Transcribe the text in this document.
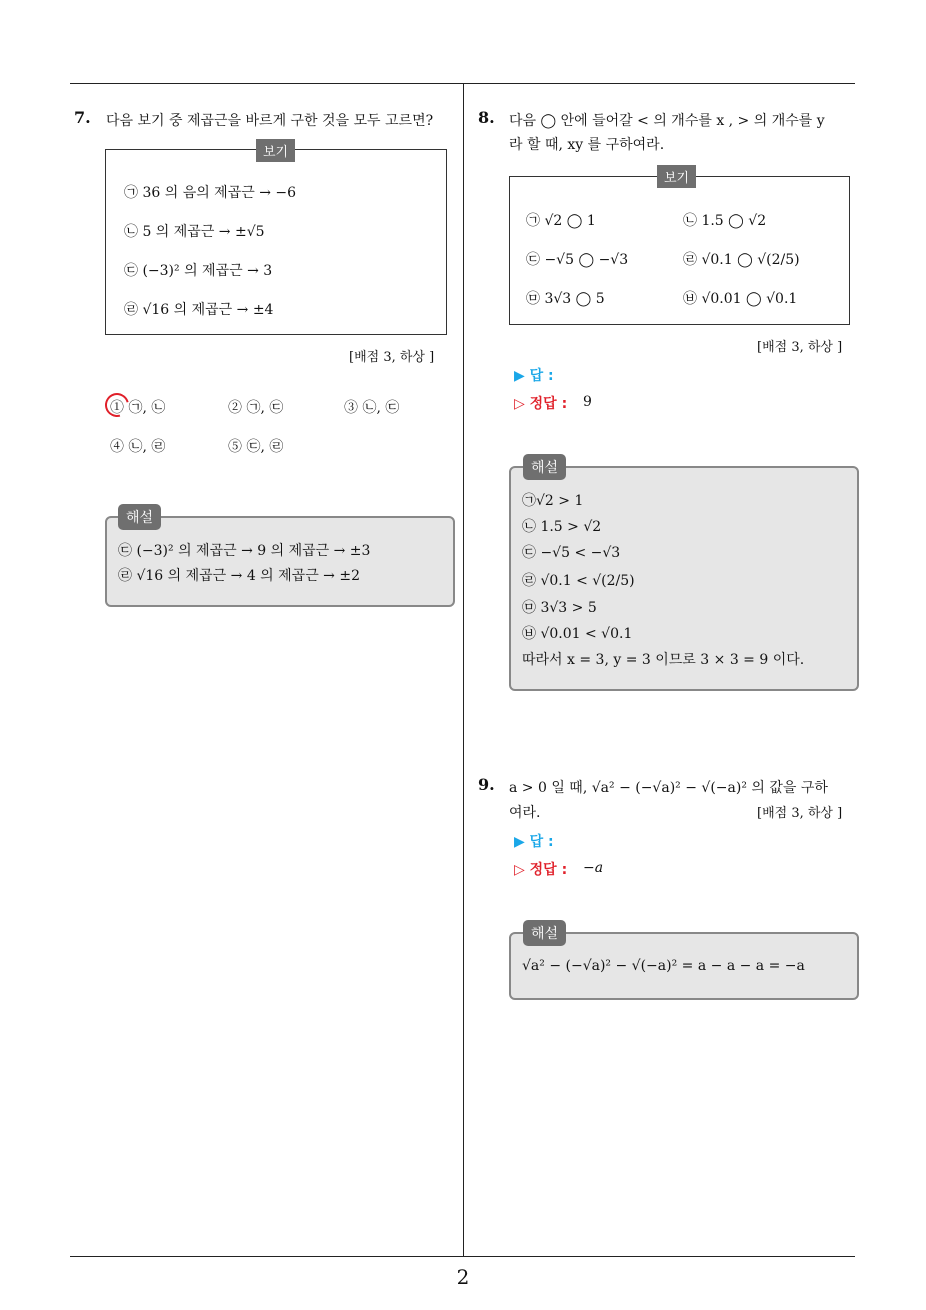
7. 다음 보기 중 제곱근을 바르게 구한 것을 모두 고르면?
보기
㉠ 36 의 음의 제곱근 → −6
㉡ 5 의 제곱근 → ±√5
㉢ (−3)² 의 제곱근 → 3
㉣ √16 의 제곱근 → ±4
[배점 3, 하상 ]
① ㉠, ㉡	② ㉠, ㉢	③ ㉡, ㉢
④ ㉡, ㉣	⑤ ㉢, ㉣
해설
㉢ (−3)² 의 제곱근 → 9 의 제곱근 → ±3
㉣ √16 의 제곱근 → 4 의 제곱근 → ±2
8. 다음 ◯ 안에 들어갈 < 의 개수를 x , > 의 개수를 y
라 할 때, xy 를 구하여라.
보기
㉠ √2 ◯ 1	㉡ 1.5 ◯ √2
㉢ −√5 ◯ −√3	㉣ √0.1 ◯ √(2/5)
㉤ 3√3 ◯ 5	㉥ √0.01 ◯ √0.1
[배점 3, 하상 ]
▶ 답 :
▷ 정답 : 9
해설
㉠√2 > 1
㉡ 1.5 > √2
㉢ −√5 < −√3
㉣ √0.1 < √(2/5)
㉤ 3√3 > 5
㉥ √0.01 < √0.1
따라서 x = 3, y = 3 이므로 3 × 3 = 9 이다.
9. a > 0 일 때, √a² − (−√a)² − √(−a)² 의 값을 구하
여라.	[배점 3, 하상 ]
▶ 답 :
▷ 정답 : −a
해설
√a² − (−√a)² − √(−a)² = a − a − a = −a
2
